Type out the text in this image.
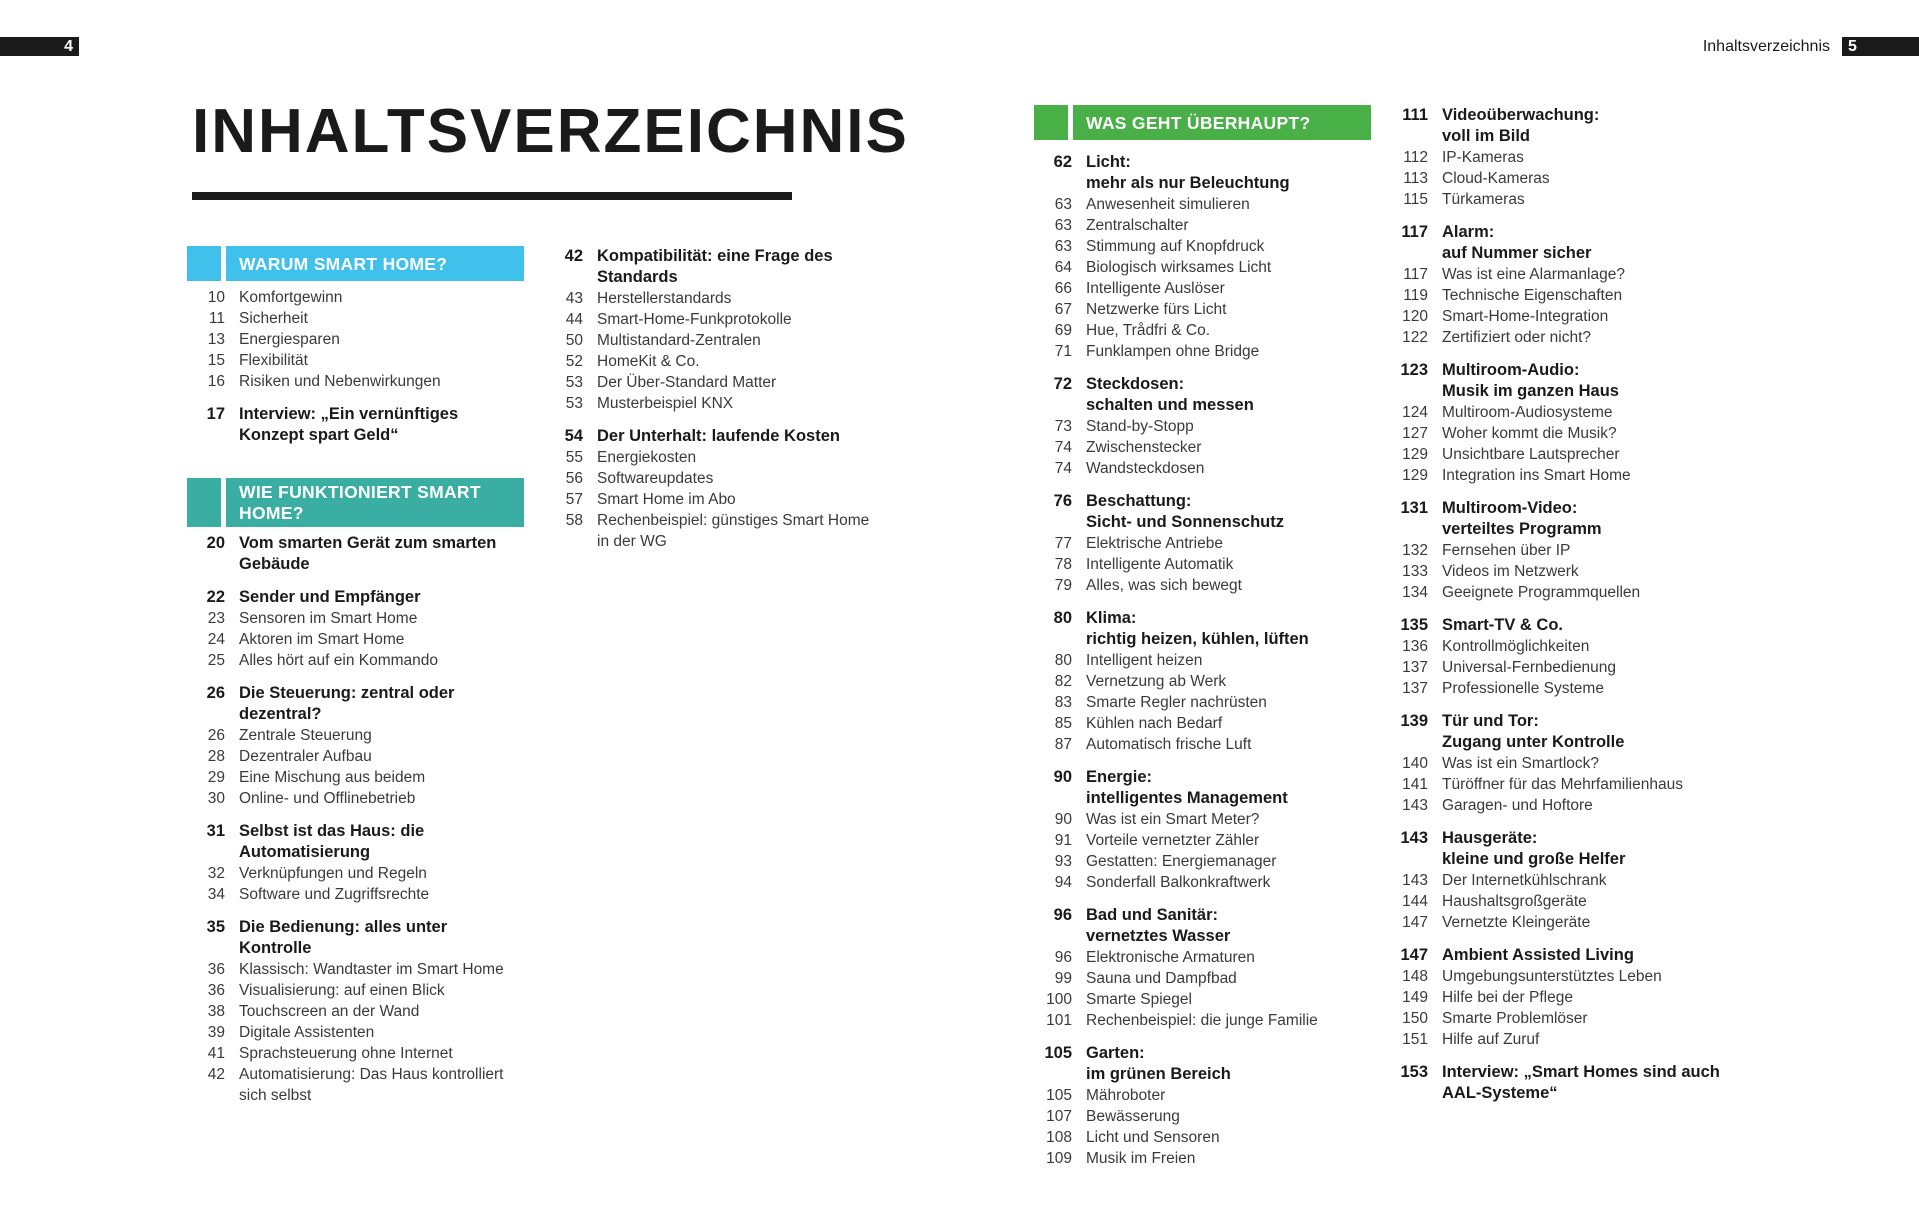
4	Inhaltsverzeichnis 5
INHALTSVERZEICHNIS
WARUM SMART HOME?
10 Komfortgewinn
11 Sicherheit
13 Energiesparen
15 Flexibilität
16 Risiken und Nebenwirkungen
17 Interview: „Ein vernünftiges Konzept spart Geld“
WIE FUNKTIONIERT SMART HOME?
20 Vom smarten Gerät zum smarten Gebäude
22 Sender und Empfänger
23 Sensoren im Smart Home
24 Aktoren im Smart Home
25 Alles hört auf ein Kommando
26 Die Steuerung: zentral oder dezentral?
26 Zentrale Steuerung
28 Dezentraler Aufbau
29 Eine Mischung aus beidem
30 Online- und Offlinebetrieb
31 Selbst ist das Haus: die Automatisierung
32 Verknüpfungen und Regeln
34 Software und Zugriffsrechte
35 Die Bedienung: alles unter Kontrolle
36 Klassisch: Wandtaster im Smart Home
36 Visualisierung: auf einen Blick
38 Touchscreen an der Wand
39 Digitale Assistenten
41 Sprachsteuerung ohne Internet
42 Automatisierung: Das Haus kontrolliert sich selbst
42 Kompatibilität: eine Frage des Standards
43 Herstellerstandards
44 Smart-Home-Funkprotokolle
50 Multistandard-Zentralen
52 HomeKit & Co.
53 Der Über-Standard Matter
53 Musterbeispiel KNX
54 Der Unterhalt: laufende Kosten
55 Energiekosten
56 Softwareupdates
57 Smart Home im Abo
58 Rechenbeispiel: günstiges Smart Home in der WG
WAS GEHT ÜBERHAUPT?
62 Licht:
mehr als nur Beleuchtung
63 Anwesenheit simulieren
63 Zentralschalter
63 Stimmung auf Knopfdruck
64 Biologisch wirksames Licht
66 Intelligente Auslöser
67 Netzwerke fürs Licht
69 Hue, Trådfri & Co.
71 Funklampen ohne Bridge
72 Steckdosen:
schalten und messen
73 Stand-by-Stopp
74 Zwischenstecker
74 Wandsteckdosen
76 Beschattung:
Sicht- und Sonnenschutz
77 Elektrische Antriebe
78 Intelligente Automatik
79 Alles, was sich bewegt
80 Klima:
richtig heizen, kühlen, lüften
80 Intelligent heizen
82 Vernetzung ab Werk
83 Smarte Regler nachrüsten
85 Kühlen nach Bedarf
87 Automatisch frische Luft
90 Energie:
intelligentes Management
90 Was ist ein Smart Meter?
91 Vorteile vernetzter Zähler
93 Gestatten: Energiemanager
94 Sonderfall Balkonkraftwerk
96 Bad und Sanitär:
vernetztes Wasser
96 Elektronische Armaturen
99 Sauna und Dampfbad
100 Smarte Spiegel
101 Rechenbeispiel: die junge Familie
105 Garten:
im grünen Bereich
105 Mähroboter
107 Bewässerung
108 Licht und Sensoren
109 Musik im Freien
111 Videoüberwachung:
voll im Bild
112 IP-Kameras
113 Cloud-Kameras
115 Türkameras
117 Alarm:
auf Nummer sicher
117 Was ist eine Alarmanlage?
119 Technische Eigenschaften
120 Smart-Home-Integration
122 Zertifiziert oder nicht?
123 Multiroom-Audio:
Musik im ganzen Haus
124 Multiroom-Audiosysteme
127 Woher kommt die Musik?
129 Unsichtbare Lautsprecher
129 Integration ins Smart Home
131 Multiroom-Video:
verteiltes Programm
132 Fernsehen über IP
133 Videos im Netzwerk
134 Geeignete Programmquellen
135 Smart-TV & Co.
136 Kontrollmöglichkeiten
137 Universal-Fernbedienung
137 Professionelle Systeme
139 Tür und Tor:
Zugang unter Kontrolle
140 Was ist ein Smartlock?
141 Türöffner für das Mehrfamilienhaus
143 Garagen- und Hoftore
143 Hausgeräte:
kleine und große Helfer
143 Der Internetkühlschrank
144 Haushaltsgroßgeräte
147 Vernetzte Kleingeräte
147 Ambient Assisted Living
148 Umgebungsunterstütztes Leben
149 Hilfe bei der Pflege
150 Smarte Problemlöser
151 Hilfe auf Zuruf
153 Interview: „Smart Homes sind auch AAL-Systeme“
